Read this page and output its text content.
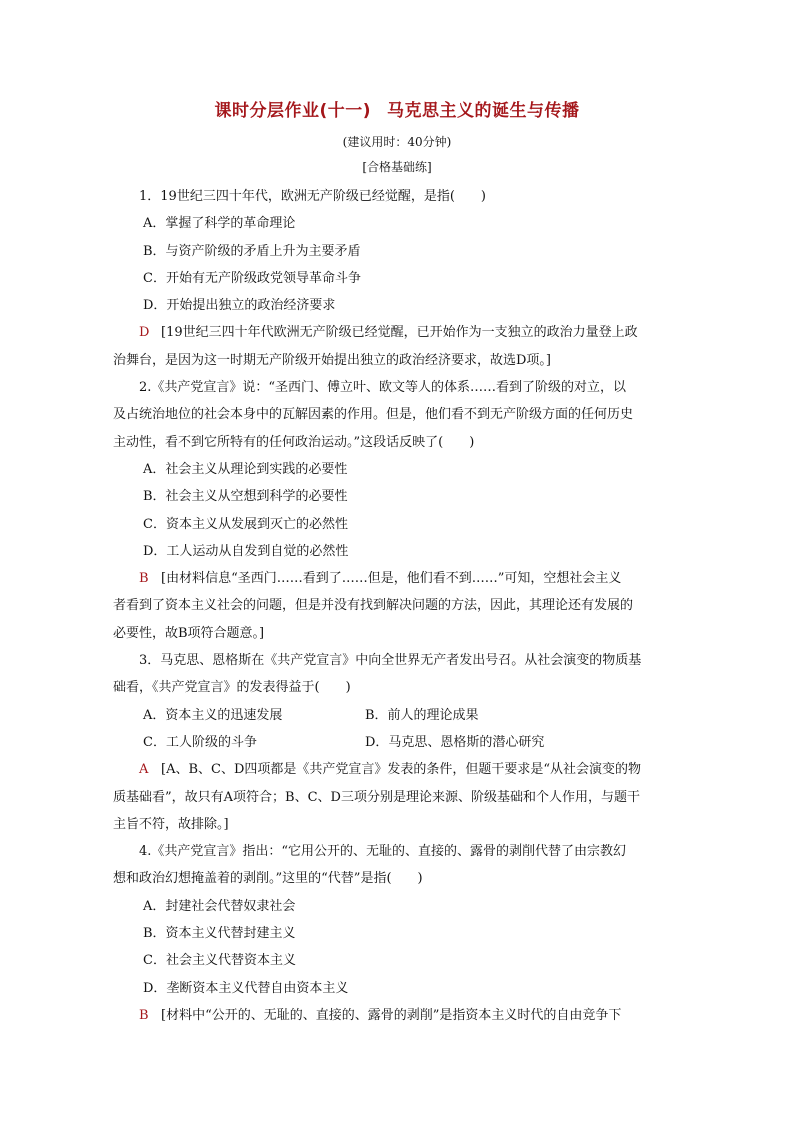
课时分层作业(十一) 马克思主义的诞生与传播
(建议用时：40分钟)
[合格基础练]
1．19世纪三四十年代，欧洲无产阶级已经觉醒，是指(　　)
A．掌握了科学的革命理论
B．与资产阶级的矛盾上升为主要矛盾
C．开始有无产阶级政党领导革命斗争
D．开始提出独立的政治经济要求
D [19世纪三四十年代欧洲无产阶级已经觉醒，已开始作为一支独立的政治力量登上政
治舞台，是因为这一时期无产阶级开始提出独立的政治经济要求，故选D项。]
2.《共产党宣言》说：“圣西门、傅立叶、欧文等人的体系……看到了阶级的对立，以
及占统治地位的社会本身中的瓦解因素的作用。但是，他们看不到无产阶级方面的任何历史
主动性，看不到它所特有的任何政治运动。”这段话反映了(　　)
A．社会主义从理论到实践的必要性
B．社会主义从空想到科学的必要性
C．资本主义从发展到灭亡的必然性
D．工人运动从自发到自觉的必然性
B [由材料信息“圣西门……看到了……但是，他们看不到……”可知，空想社会主义
者看到了资本主义社会的问题，但是并没有找到解决问题的方法，因此，其理论还有发展的
必要性，故B项符合题意。]
3．马克思、恩格斯在《共产党宣言》中向全世界无产者发出号召。从社会演变的物质基
础看，《共产党宣言》的发表得益于(　　)
A．资本主义的迅速发展	B．前人的理论成果
C．工人阶级的斗争	D．马克思、恩格斯的潜心研究
A [A、B、C、D四项都是《共产党宣言》发表的条件，但题干要求是“从社会演变的物
质基础看”，故只有A项符合；B、C、D三项分别是理论来源、阶级基础和个人作用，与题干
主旨不符，故排除。]
4.《共产党宣言》指出：“它用公开的、无耻的、直接的、露骨的剥削代替了由宗教幻
想和政治幻想掩盖着的剥削。”这里的“代替”是指(　　)
A．封建社会代替奴隶社会
B．资本主义代替封建主义
C．社会主义代替资本主义
D．垄断资本主义代替自由资本主义
B [材料中“公开的、无耻的、直接的、露骨的剥削”是指资本主义时代的自由竞争下
